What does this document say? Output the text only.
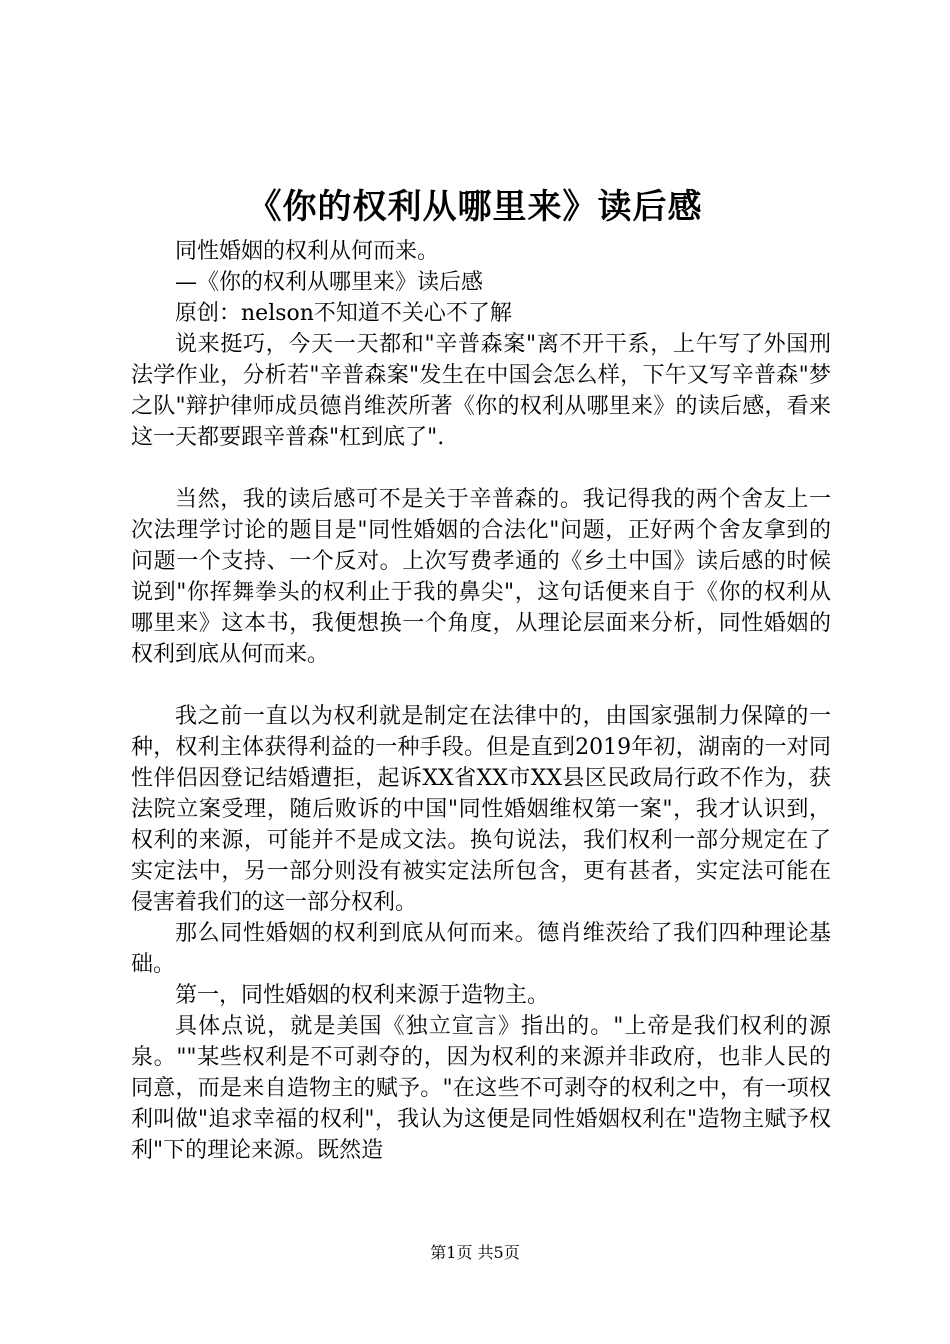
《你的权利从哪里来》读后感

同性婚姻的权利从何而来。

—《你的权利从哪里来》读后感

原创：nelson不知道不关心不了解

说来挺巧，今天一天都和"辛普森案"离不开干系，上午写了外国刑法学作业，分析若"辛普森案"发生在中国会怎么样，下午又写辛普森"梦之队"辩护律师成员德肖维茨所著《你的权利从哪里来》的读后感，看来这一天都要跟辛普森"杠到底了".

当然，我的读后感可不是关于辛普森的。我记得我的两个舍友上一次法理学讨论的题目是"同性婚姻的合法化"问题，正好两个舍友拿到的问题一个支持、一个反对。上次写费孝通的《乡土中国》读后感的时候说到"你挥舞拳头的权利止于我的鼻尖"，这句话便来自于《你的权利从哪里来》这本书，我便想换一个角度，从理论层面来分析，同性婚姻的权利到底从何而来。

我之前一直以为权利就是制定在法律中的，由国家强制力保障的一种，权利主体获得利益的一种手段。但是直到2019年初，湖南的一对同性伴侣因登记结婚遭拒，起诉XX省XX市XX县区民政局行政不作为，获法院立案受理，随后败诉的中国"同性婚姻维权第一案"，我才认识到，权利的来源，可能并不是成文法。换句说法，我们权利一部分规定在了实定法中，另一部分则没有被实定法所包含，更有甚者，实定法可能在侵害着我们的这一部分权利。

那么同性婚姻的权利到底从何而来。德肖维茨给了我们四种理论基础。

第一，同性婚姻的权利来源于造物主。

具体点说，就是美国《独立宣言》指出的。"上帝是我们权利的源泉。""某些权利是不可剥夺的，因为权利的来源并非政府，也非人民的同意，而是来自造物主的赋予。"在这些不可剥夺的权利之中，有一项权利叫做"追求幸福的权利"，我认为这便是同性婚姻权利在"造物主赋予权利"下的理论来源。既然造

第1页 共5页
